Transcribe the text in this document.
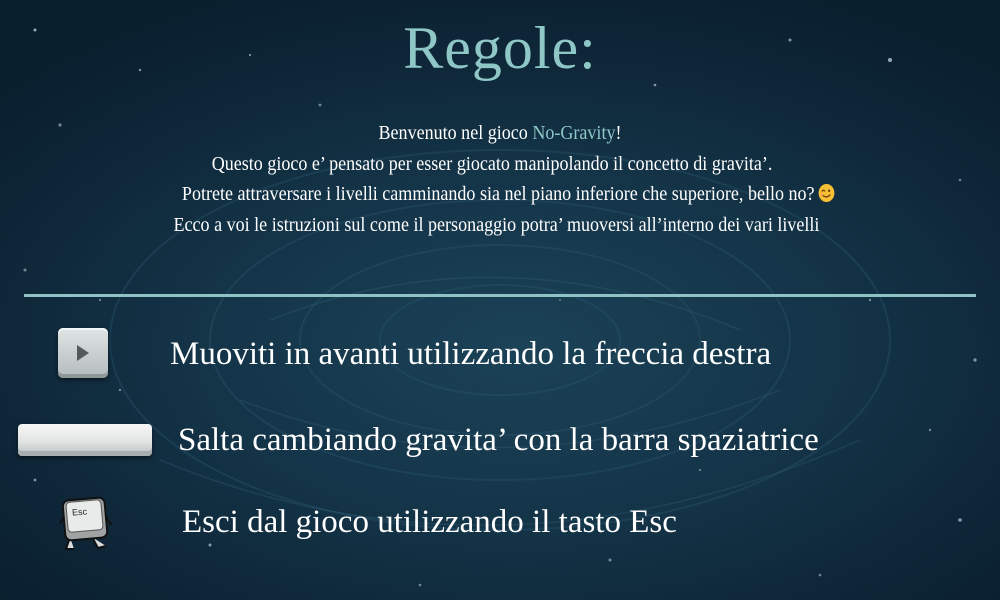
Regole:
Benvenuto nel gioco No-Gravity!
Questo gioco e’ pensato per esser giocato manipolando il concetto di gravita’.
Potrete attraversare i livelli camminando sia nel piano inferiore che superiore, bello no?
Ecco a voi le istruzioni sul come il personaggio potra’ muoversi all’interno dei vari livelli
Muoviti in avanti utilizzando la freccia destra
Salta cambiando gravita’ con la barra spaziatrice
Esc	Esci dal gioco utilizzando il tasto Esc
